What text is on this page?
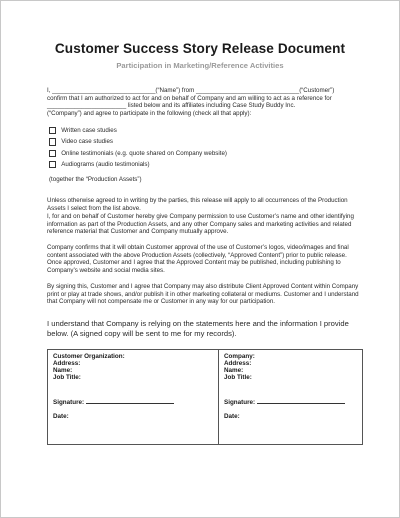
Customer Success Story Release Document
Participation in Marketing/Reference Activities
I, ______________________________(“Name”) from ______________________________(“Customer”)
confirm that I am authorized to act for and on behalf of Company and am willing to act as a reference for
_______________________ listed below and its affiliates including Case Study Buddy Inc.
(“Company”) and agree to participate in the following (check all that apply):
Written case studies
Video case studies
Online testimonials (e.g. quote shared on Company website)
Audiograms (audio testimonials)
(together the “Production Assets”)
Unless otherwise agreed to in writing by the parties, this release will apply to all occurrences of the Production Assets I select from the list above.
I, for and on behalf of Customer hereby give Company permission to use Customer’s name and other identifying information as part of the Production Assets, and any other Company sales and marketing activities and related reference material that Customer and Company mutually approve.
Company confirms that it will obtain Customer approval of the use of Customer’s logos, video/images and final content associated with the above Production Assets (collectively, “Approved Content”) prior to public release. Once approved, Customer and I agree that the Approved Content may be published, including publishing to Company’s website and social media sites.
By signing this, Customer and I agree that Company may also distribute Client Approved Content within Company print or play at trade shows, and/or publish it in other marketing collateral or mediums. Customer and I understand that Company will not compensate me or Customer in any way for our participation.
I understand that Company is relying on the statements here and the information I provide below. (A signed copy will be sent to me for my records).
Customer Organization:
Address:
Name:
Job Title:
Signature:
Date:
Company:
Address:
Name:
Job Title:
Signature:
Date:
